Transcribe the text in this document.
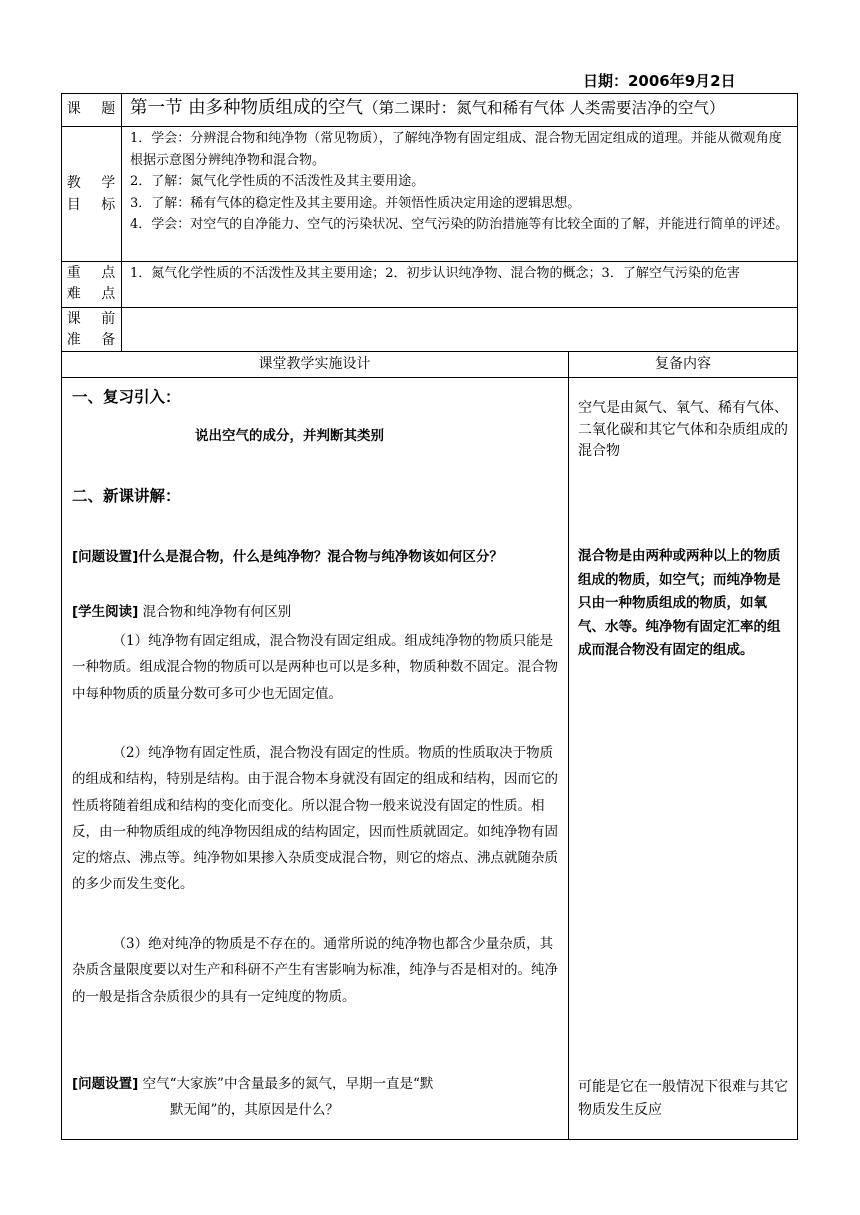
日期：2006年9月2日
课 题
教 学
目 标
重 点
难 点
课 前
准 备
第一节 由多种物质组成的空气（第二课时：氮气和稀有气体 人类需要洁净的空气）
1．学会：分辨混合物和纯净物（常见物质），了解纯净物有固定组成、混合物无固定组成的道理。并能从微观角度根据示意图分辨纯净物和混合物。
2．了解：氮气化学性质的不活泼性及其主要用途。
3．了解：稀有气体的稳定性及其主要用途。并领悟性质决定用途的逻辑思想。
4．学会：对空气的自净能力、空气的污染状况、空气污染的防治措施等有比较全面的了解，并能进行简单的评述。
1．氮气化学性质的不活泼性及其主要用途；2．初步认识纯净物、混合物的概念；3．了解空气污染的危害
课堂教学实施设计	复备内容
一、复习引入：
说出空气的成分，并判断其类别
二、新课讲解：
[问题设置]什么是混合物，什么是纯净物？混合物与纯净物该如何区分？
[学生阅读] 混合物和纯净物有何区别
（1）纯净物有固定组成，混合物没有固定组成。组成纯净物的物质只能是一种物质。组成混合物的物质可以是两种也可以是多种，物质种数不固定。混合物中每种物质的质量分数可多可少也无固定值。
（2）纯净物有固定性质，混合物没有固定的性质。物质的性质取决于物质的组成和结构，特别是结构。由于混合物本身就没有固定的组成和结构，因而它的性质将随着组成和结构的变化而变化。所以混合物一般来说没有固定的性质。相反，由一种物质组成的纯净物因组成的结构固定，因而性质就固定。如纯净物有固定的熔点、沸点等。纯净物如果掺入杂质变成混合物，则它的熔点、沸点就随杂质的多少而发生变化。
（3）绝对纯净的物质是不存在的。通常所说的纯净物也都含少量杂质，其杂质含量限度要以对生产和科研不产生有害影响为标准，纯净与否是相对的。纯净的一般是指含杂质很少的具有一定纯度的物质。
[问题设置] 空气“大家族”中含量最多的氮气，早期一直是“默
默无闻”的，其原因是什么？
空气是由氮气、氧气、稀有气体、二氧化碳和其它气体和杂质组成的混合物
混合物是由两种或两种以上的物质组成的物质，如空气；而纯净物是只由一种物质组成的物质，如氧气、水等。纯净物有固定汇率的组成而混合物没有固定的组成。
可能是它在一般情况下很难与其它物质发生反应
